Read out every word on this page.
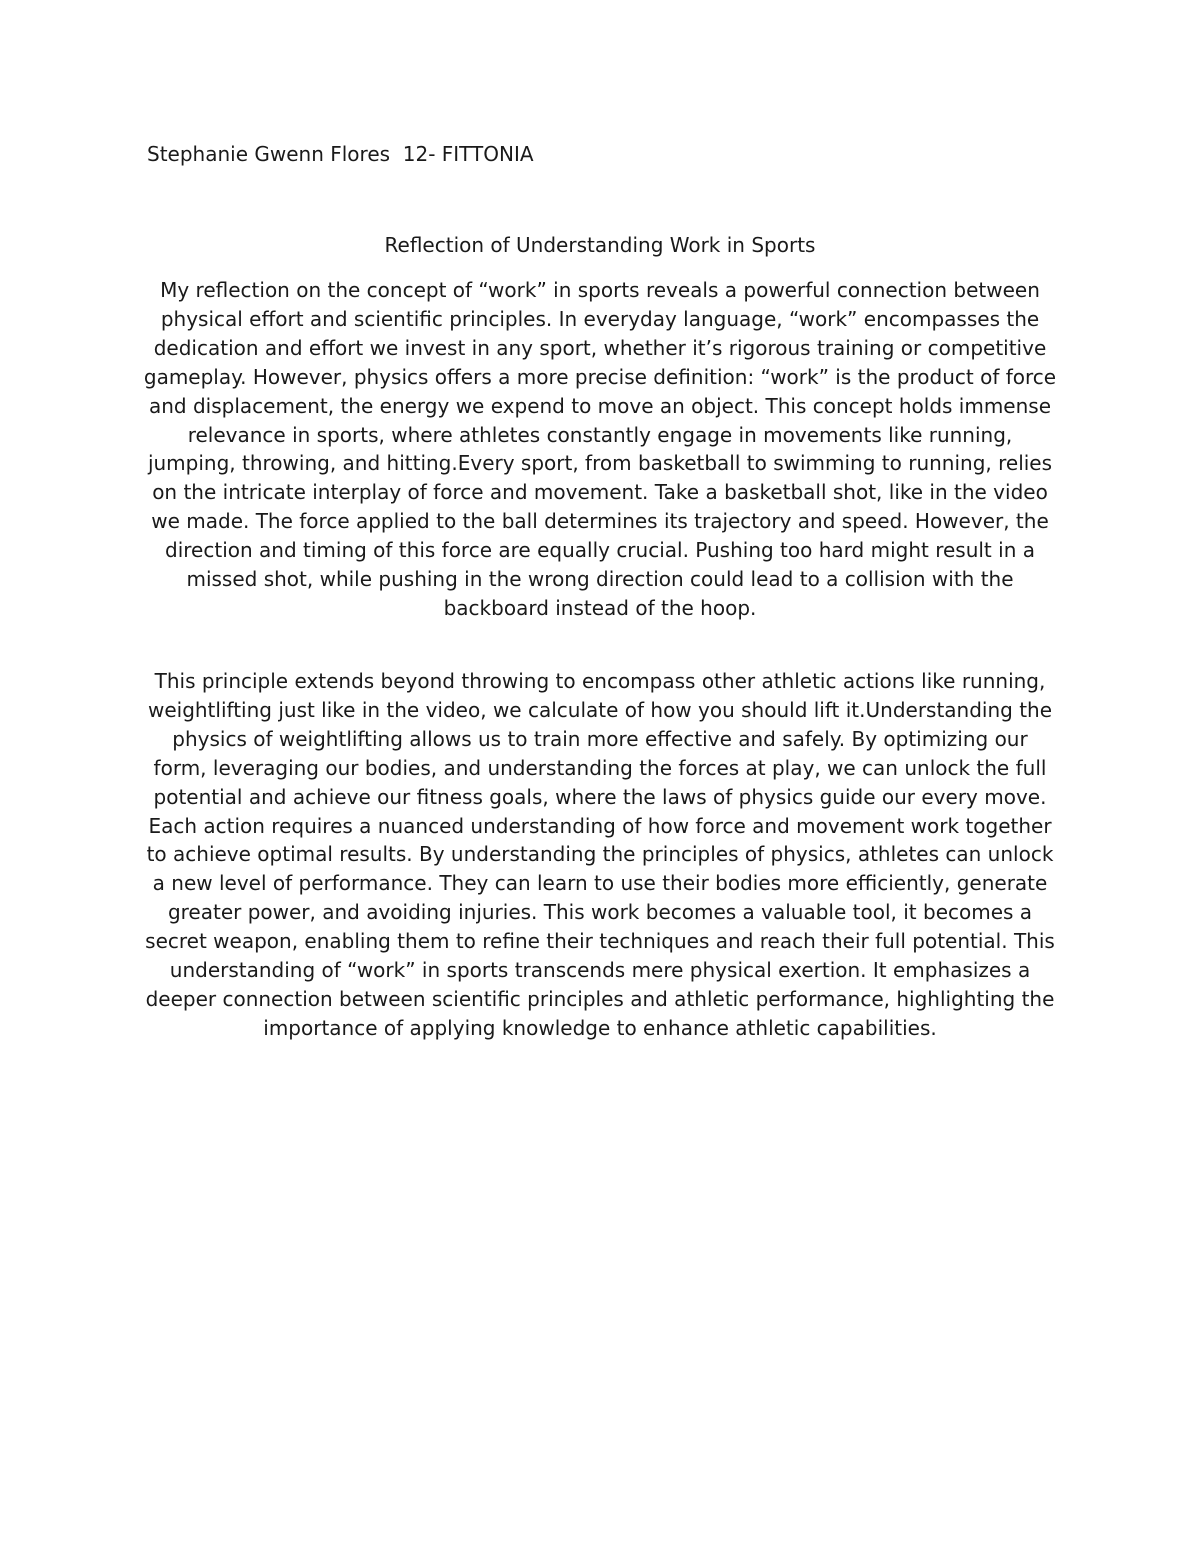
Stephanie Gwenn Flores  12- FITTONIA
Reflection of Understanding Work in Sports

My reflection on the concept of “work” in sports reveals a powerful connection between physical effort and scientific principles. In everyday language, “work” encompasses the dedication and effort we invest in any sport, whether it’s rigorous training or competitive gameplay. However, physics offers a more precise definition: “work” is the product of force and displacement, the energy we expend to move an object. This concept holds immense relevance in sports, where athletes constantly engage in movements like running, jumping, throwing, and hitting.Every sport, from basketball to swimming to running, relies on the intricate interplay of force and movement. Take a basketball shot, like in the video we made. The force applied to the ball determines its trajectory and speed. However, the direction and timing of this force are equally crucial. Pushing too hard might result in a missed shot, while pushing in the wrong direction could lead to a collision with the backboard instead of the hoop.

This principle extends beyond throwing to encompass other athletic actions like running, weightlifting just like in the video, we calculate of how you should lift it.Understanding the physics of weightlifting allows us to train more effective and safely. By optimizing our form, leveraging our bodies, and understanding the forces at play, we can unlock the full potential and achieve our fitness goals, where the laws of physics guide our every move. Each action requires a nuanced understanding of how force and movement work together to achieve optimal results. By understanding the principles of physics, athletes can unlock a new level of performance. They can learn to use their bodies more efficiently, generate greater power, and avoiding injuries. This work becomes a valuable tool, it becomes a secret weapon, enabling them to refine their techniques and reach their full potential. This understanding of “work” in sports transcends mere physical exertion. It emphasizes a deeper connection between scientific principles and athletic performance, highlighting the importance of applying knowledge to enhance athletic capabilities.
